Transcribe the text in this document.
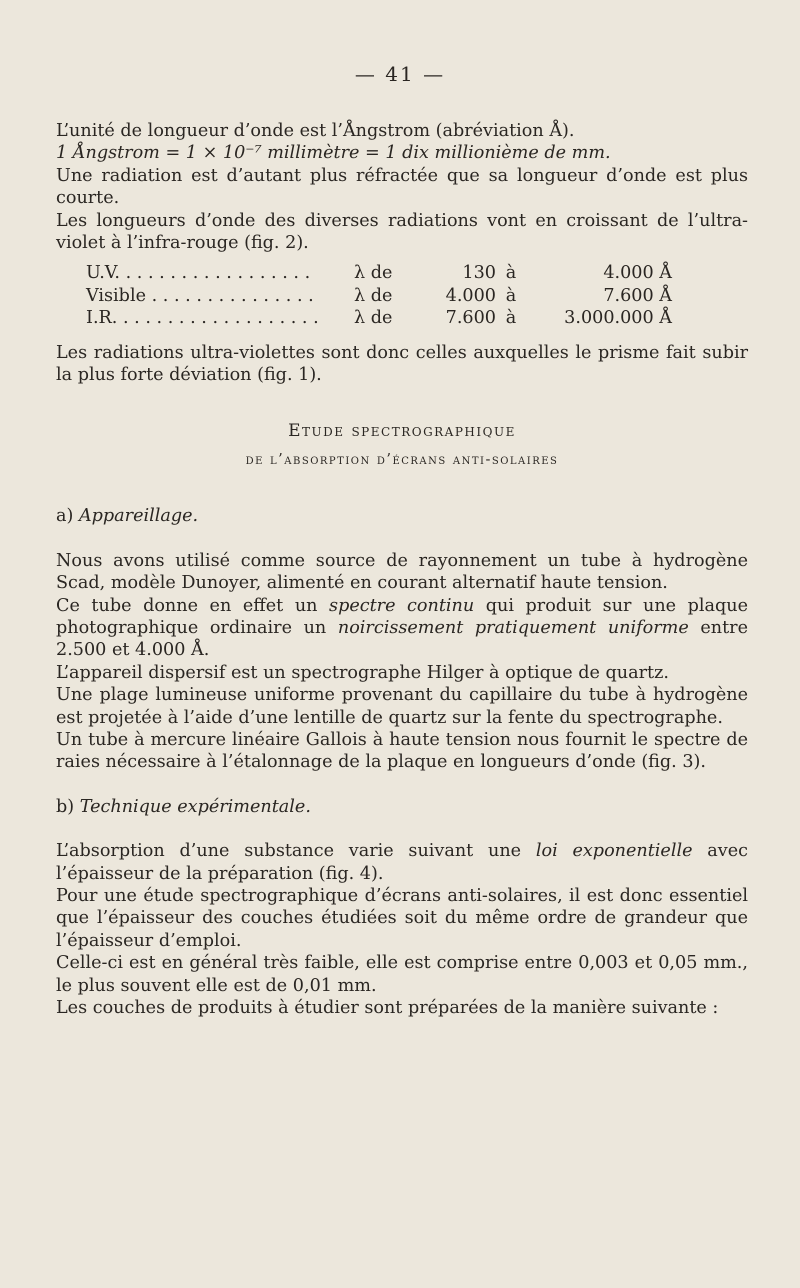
— 41 —

L’unité de longueur d’onde est l’Ångstrom (abréviation Å).

1 Ångstrom = 1 × 10⁻⁷ millimètre = 1 dix millionième de mm.

Une radiation est d’autant plus réfractée que sa longueur d’onde est plus courte.

Les longueurs d’onde des diverses radiations vont en croissant de l’ultra-violet à l’infra-rouge (fig. 2).

U.V. . . . . . . . . . . . . . . . . .	λ de	130	à	4.000 Å
Visible . . . . . . . . . . . . . . .	λ de	4.000	à	7.600 Å
I.R. . . . . . . . . . . . . . . . . . .	λ de	7.600	à	3.000.000 Å

Les radiations ultra-violettes sont donc celles auxquelles le prisme fait subir la plus forte déviation (fig. 1).

Etude spectrographique

de l’absorption d’écrans anti-solaires

a) Appareillage.

Nous avons utilisé comme source de rayonnement un tube à hydrogène Scad, modèle Dunoyer, alimenté en courant alternatif haute tension.

Ce tube donne en effet un spectre continu qui produit sur une plaque photographique ordinaire un noircissement pratiquement uniforme entre 2.500 et 4.000 Å.

L’appareil dispersif est un spectrographe Hilger à optique de quartz.

Une plage lumineuse uniforme provenant du capillaire du tube à hydrogène est projetée à l’aide d’une lentille de quartz sur la fente du spectrographe.

Un tube à mercure linéaire Gallois à haute tension nous fournit le spectre de raies nécessaire à l’étalonnage de la plaque en longueurs d’onde (fig. 3).

b) Technique expérimentale.

L’absorption d’une substance varie suivant une loi exponentielle avec l’épaisseur de la préparation (fig. 4).

Pour une étude spectrographique d’écrans anti-solaires, il est donc essentiel que l’épaisseur des couches étudiées soit du même ordre de grandeur que l’épaisseur d’emploi.

Celle-ci est en général très faible, elle est comprise entre 0,003 et 0,05 mm., le plus souvent elle est de 0,01 mm.

Les couches de produits à étudier sont préparées de la manière suivante :
